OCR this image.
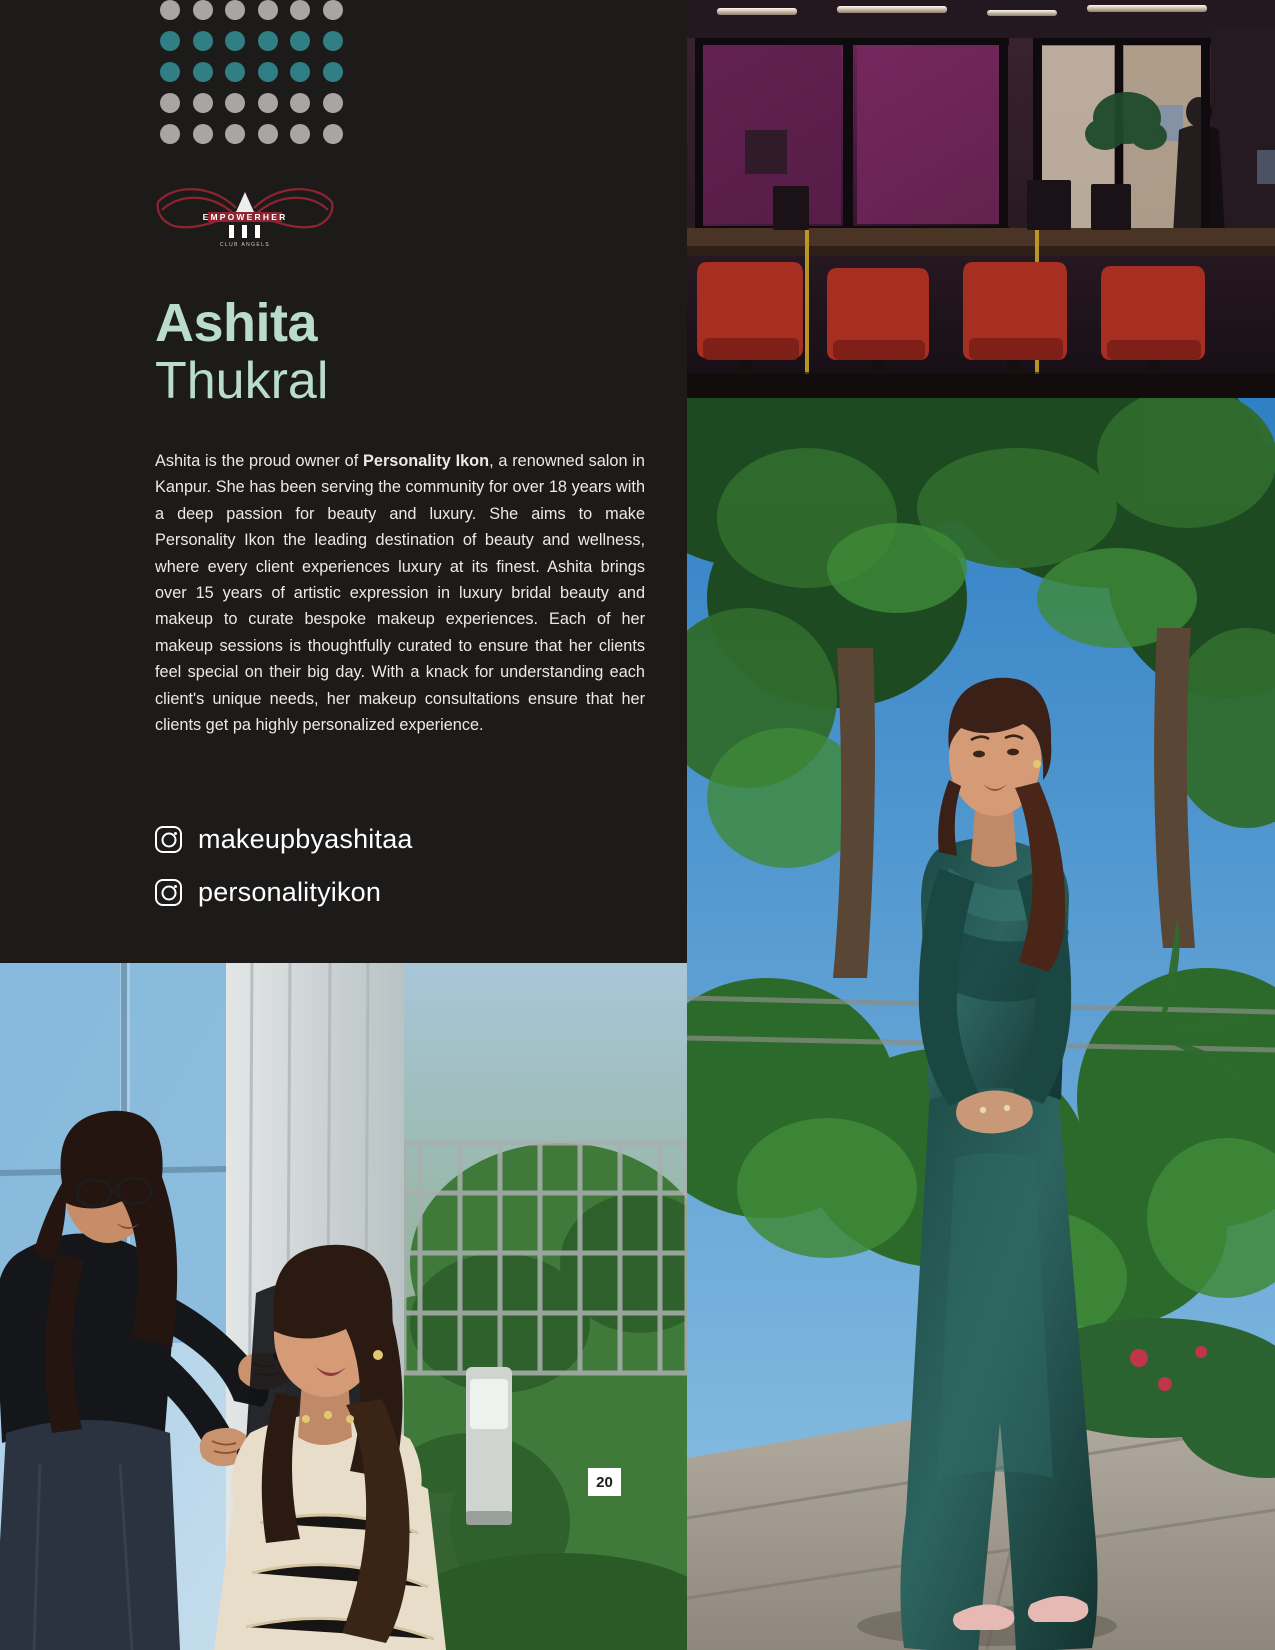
EMPOWERHER
CLUB ANGELS
Ashita
Thukral
Ashita is the proud owner of Personality Ikon, a renowned salon in Kanpur. She has been serving the community for over 18 years with a deep passion for beauty and luxury. She aims to make Personality Ikon the leading destination of beauty and wellness, where every client experiences luxury at its finest. Ashita brings over 15 years of artistic expression in luxury bridal beauty and makeup to curate bespoke makeup experiences. Each of her makeup sessions is thoughtfully curated to ensure that her clients feel special on their big day. With a knack for understanding each client's unique needs, her makeup consultations ensure that her clients get pa highly personalized experience.
makeupbyashitaa
personalityikon
20
